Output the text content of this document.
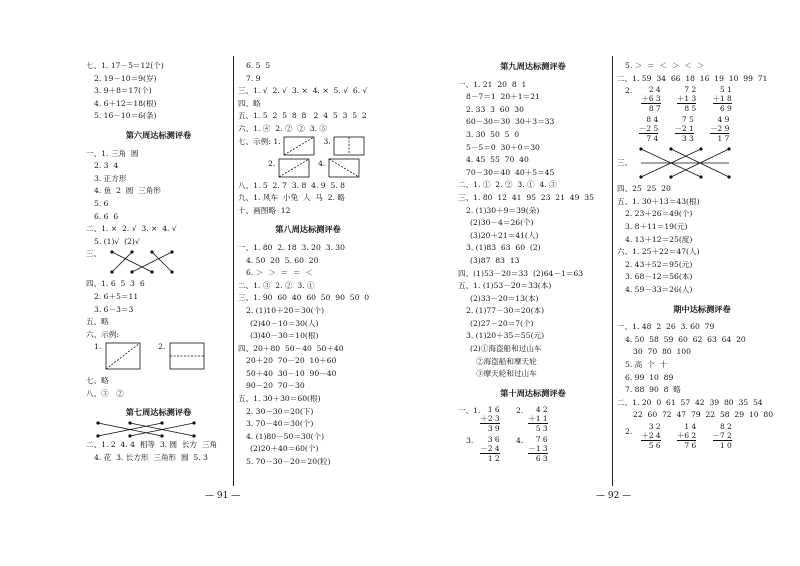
七、1. 17－5＝12(个)
2. 19－10＝9(岁)
3. 9＋8＝17(个)
4. 6＋12＝18(根)
5. 16－10＝6(条)
第六周达标测评卷
一、1. 三角  圆
2. 3  4
3. 正方形
4. 鱼  2  圆  三角形
5. 6
6. 6  6
二、1. ×  2. √  3. ×  4. √
5. (1)√  (2)√
三、
四、1. 6  5  3  6
2. 6＋5＝11
3. 6－3＝3
五、略
六、示例:
1.	2.
七、略
八、③   ②
第七周达标测评卷
二、1. 2  4. 4  相等  3. 圆  长方  三角
4. 花  3. 长方形  三角形  圆  5. 3
6. 5  5
7. 9
三、1. √  2. √  3. ×  4. ×  5. √  6. √
四、略
五、1. 5  2  5  8  8   2  4  5  3  5  2
六、1. ④  2. ②  ②  3. ⑤
七、示例: 1.	3.
2.	4.
八、1. 5  2. 7  3. 8  4. 9  5. 8
九、1. 风车  小兔  人  马  2. 略
十、画图略  12
第八周达标测评卷
一、1. 80  2. 18  3. 20  3. 30
4. 50  20  5. 60  20
6. ＞  ＞  ＝  ＝  ＜
二、1. ③  2. ②  3. ①
三、1. 90  60  40  60  50  90  50  0
2. (1)10＋20＝30(个)
(2)40－10＝30(人)
(3)40－30＝10(根)
四、20＋80  50－40  50＋40
20＋20  70－20  10＋60
50＋40  30－10  90－40
90－20  70－30
五、1. 30＋30＝60(根)
2. 30－30＝20(下)
3. 70－40＝30(个)
4. (1)80－50＝30(个)
(2)20＋40＝60(个)
5. 70－30－20＝20(粒)
— 91 —
第九周达标测评卷
一、1. 21  20  8  1
8－7＝1  20＋1＝21
2. 33  3  60  30
60－30＝30  30＋3＝33
3. 30  50  5  0
5－5＝0  30＋0＝30
4. 45  55  70  40
70－30＝40  40＋5＝45
二、1. ①  2. ②  3. ①  4. ③
三、1. 80  12  41  95  23  21  49  35
2. (1)30＋9＝39(朵)
(2)30－4＝26(个)
(3)20＋21＝41(人)
3. (1)83  63  60  (2)
(3)87  83  13
四、(1)53－20＝33  (2)64－1＝63
五、1. (1)53－20＝33(本)
(2)33－20＝13(本)
2. (1)77－30＝20(本)
(2)27－20＝7(个)
3. (1)20＋35＝55(元)
(2)①海盗船和过山车
②海盗船和摩天轮
③摩天轮和过山车
第十周达标测评卷
一、1. 1 6
＋2 3
3 9
2.	4 2
＋1 1
5 3
3.	3 6
－2 4
1 2
4.	7 6
－1 3
6 3
5. ＞  ＝  ＜  ＞  ＜  ＞
二、1. 59  34  66  18  16  19  10  99  71
2.	2 4
＋6 3
8 7

7 2
＋1 3
8 5

5 1
＋1 8
6 9
8 4
－2 5
7 4

7 5
－2 1
3 3

4 9
－2 9
1 7
三、
四、25  25  20
五、1. 30＋13＝43(根)
2. 23＋26＝49(个)
3. 8＋11＝19(元)
4. 13＋12＝25(度)
六、1. 25＋22＝47(人)
2. 43＋52＝95(元)
3. 68－12＝56(本)
4. 59－33＝26(人)
期中达标测评卷
一、1. 48  2  26  3. 60  79
4. 50  58  59  60  62  63  64  20
30  70  80  100
5. 高  个  十
6. 99  10  89
7. 88  90  8  略
二、1. 20  0  61  57  42  39  80  35  54
22  60  72  47  79  22  58  29  10  80
2.
3 2
＋2 4
5 6

1 4
＋6 2
7 6

8 2
－7 2
1 0
— 92 —
